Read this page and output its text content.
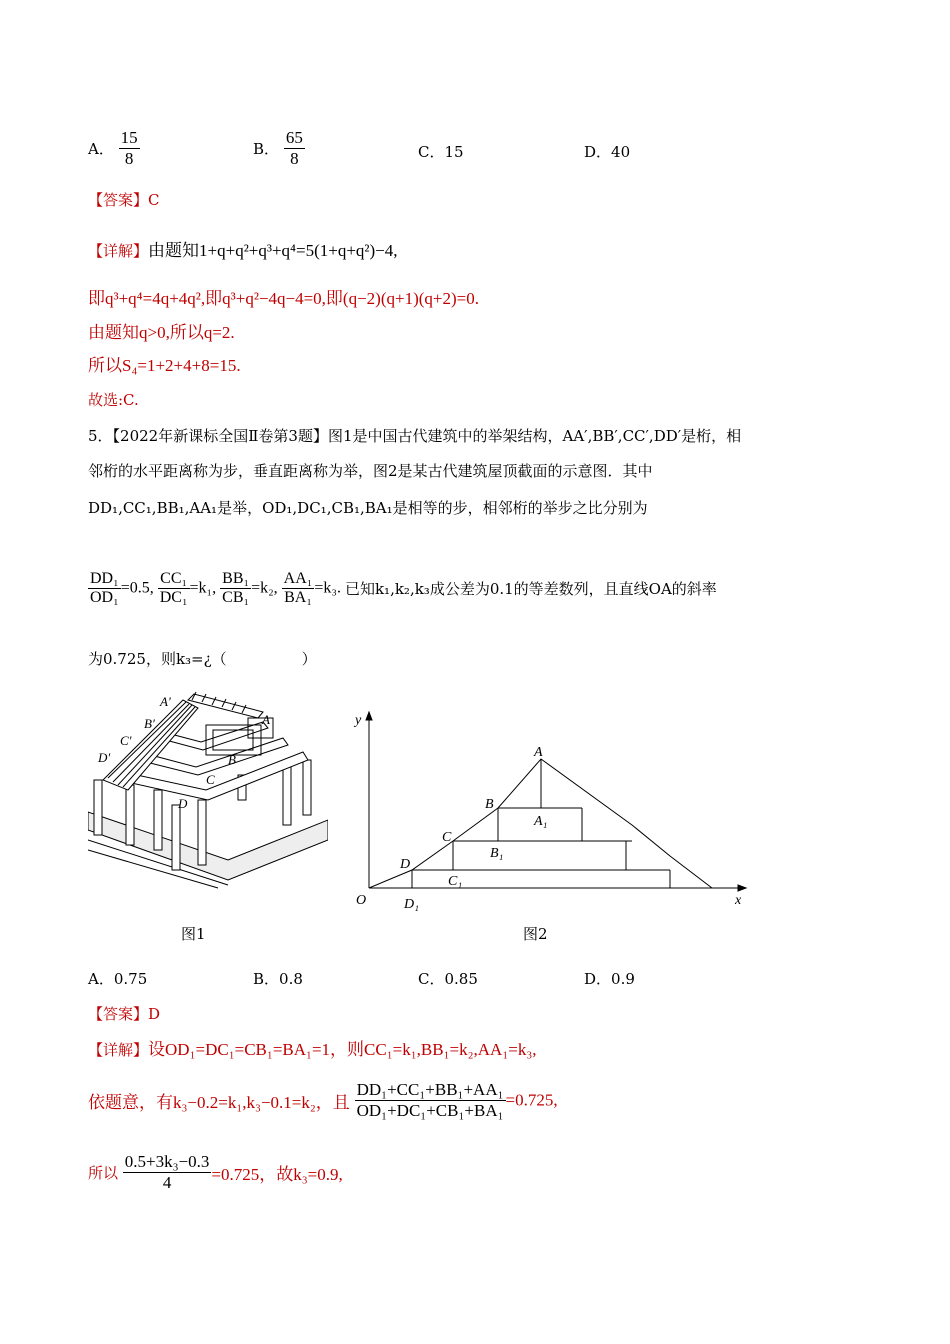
A． $\frac{15}{8}$	B． $\frac{65}{8}$	C．15	D．40
【答案】C
【详解】由题知1+q+q²+q³+q⁴=5(1+q+q²)−4,
即q³+q⁴=4q+4q²,即q³+q²−4q−4=0,即(q−2)(q+1)(q+2)=0.
由题知q>0,所以q=2.
所以S₄=1+2+4+8=15.
故选:C.
5．【2022年新课标全国Ⅱ卷第3题】图1是中国古代建筑中的举架结构，AA′,BB′,CC′,DD′是桁，相
邻桁的水平距离称为步，垂直距离称为举，图2是某古代建筑屋顶截面的示意图．其中
DD₁,CC₁,BB₁,AA₁是举，OD₁,DC₁,CB₁,BA₁是相等的步，相邻桁的举步之比分别为
$\frac{\text{DD₁}}{\text{OD₁}} =0.5$, $\frac{\text{CC₁}}{\text{DC₁}} =k_1$, $\frac{\text{BB₁}}{\text{CB₁}} =k_2$, $\frac{\text{AA₁}}{\text{BA₁}} =k_3$. 已知k₁,k₂,k₃成公差为0.1的等差数列，且直线OA的斜率
为0.725，则k₃=¿（　　　　　）
A′
B′
C′
D′
A
B
C
D
图1
y
x
O
A
B
C
D
A₁
B₁
C₁
D₁
图2
A．0.75	B．0.8	C．0.85	D．0.9
【答案】D
【详解】设OD₁=DC₁=CB₁=BA₁=1，则CC₁=k₁,BB₁=k₂,AA₁=k₃,
依题意，有k₃−0.2=k₁,k₃−0.1=k₂，且 $\frac{\text{DD₁+CC₁+BB₁+AA₁}}{\text{OD₁+DC₁+CB₁+BA₁}} =0.725$,
所以 $\frac{\text{0.5+3k₃−0.3}}{4} =0.725$，故k₃=0.9,
